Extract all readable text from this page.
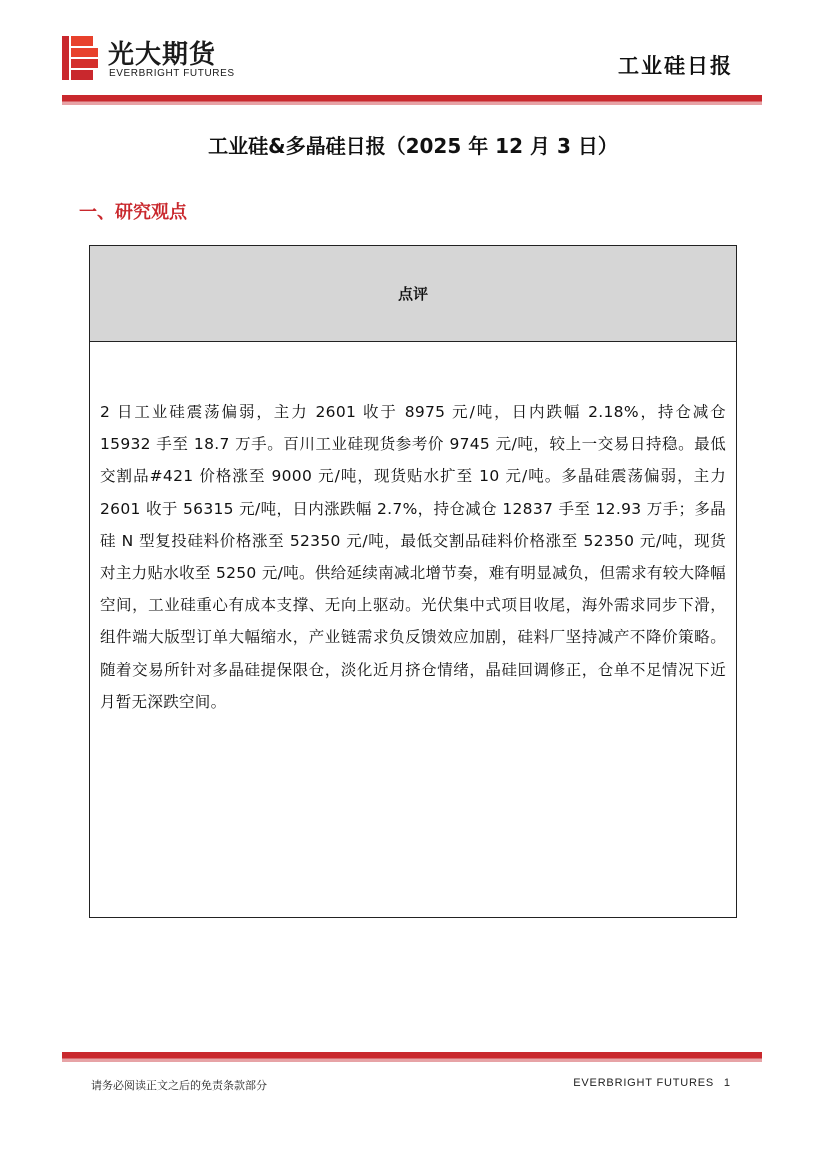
光大期货
EVERBRIGHT FUTURES	工业硅日报
工业硅&多晶硅日报（2025 年 12 月 3 日）
一、研究观点
点评

2 日工业硅震荡偏弱，主力 2601 收于 8975 元/吨，日内跌幅 2.18%，持仓减仓 15932 手至 18.7 万手。百川工业硅现货参考价 9745 元/吨，较上一交易日持稳。最低交割品#421 价格涨至 9000 元/吨，现货贴水扩至 10 元/吨。多晶硅震荡偏弱，主力 2601 收于 56315 元/吨，日内涨跌幅 2.7%，持仓减仓 12837 手至 12.93 万手；多晶硅 N 型复投硅料价格涨至 52350 元/吨，最低交割品硅料价格涨至 52350 元/吨，现货对主力贴水收至 5250 元/吨。供给延续南减北增节奏，难有明显减负，但需求有较大降幅空间，工业硅重心有成本支撑、无向上驱动。光伏集中式项目收尾，海外需求同步下滑，组件端大版型订单大幅缩水，产业链需求负反馈效应加剧，硅料厂坚持减产不降价策略。随着交易所针对多晶硅提保限仓，淡化近月挤仓情绪，晶硅回调修正，仓单不足情况下近月暂无深跌空间。

请务必阅读正文之后的免责条款部分	EVERBRIGHT FUTURES 1
